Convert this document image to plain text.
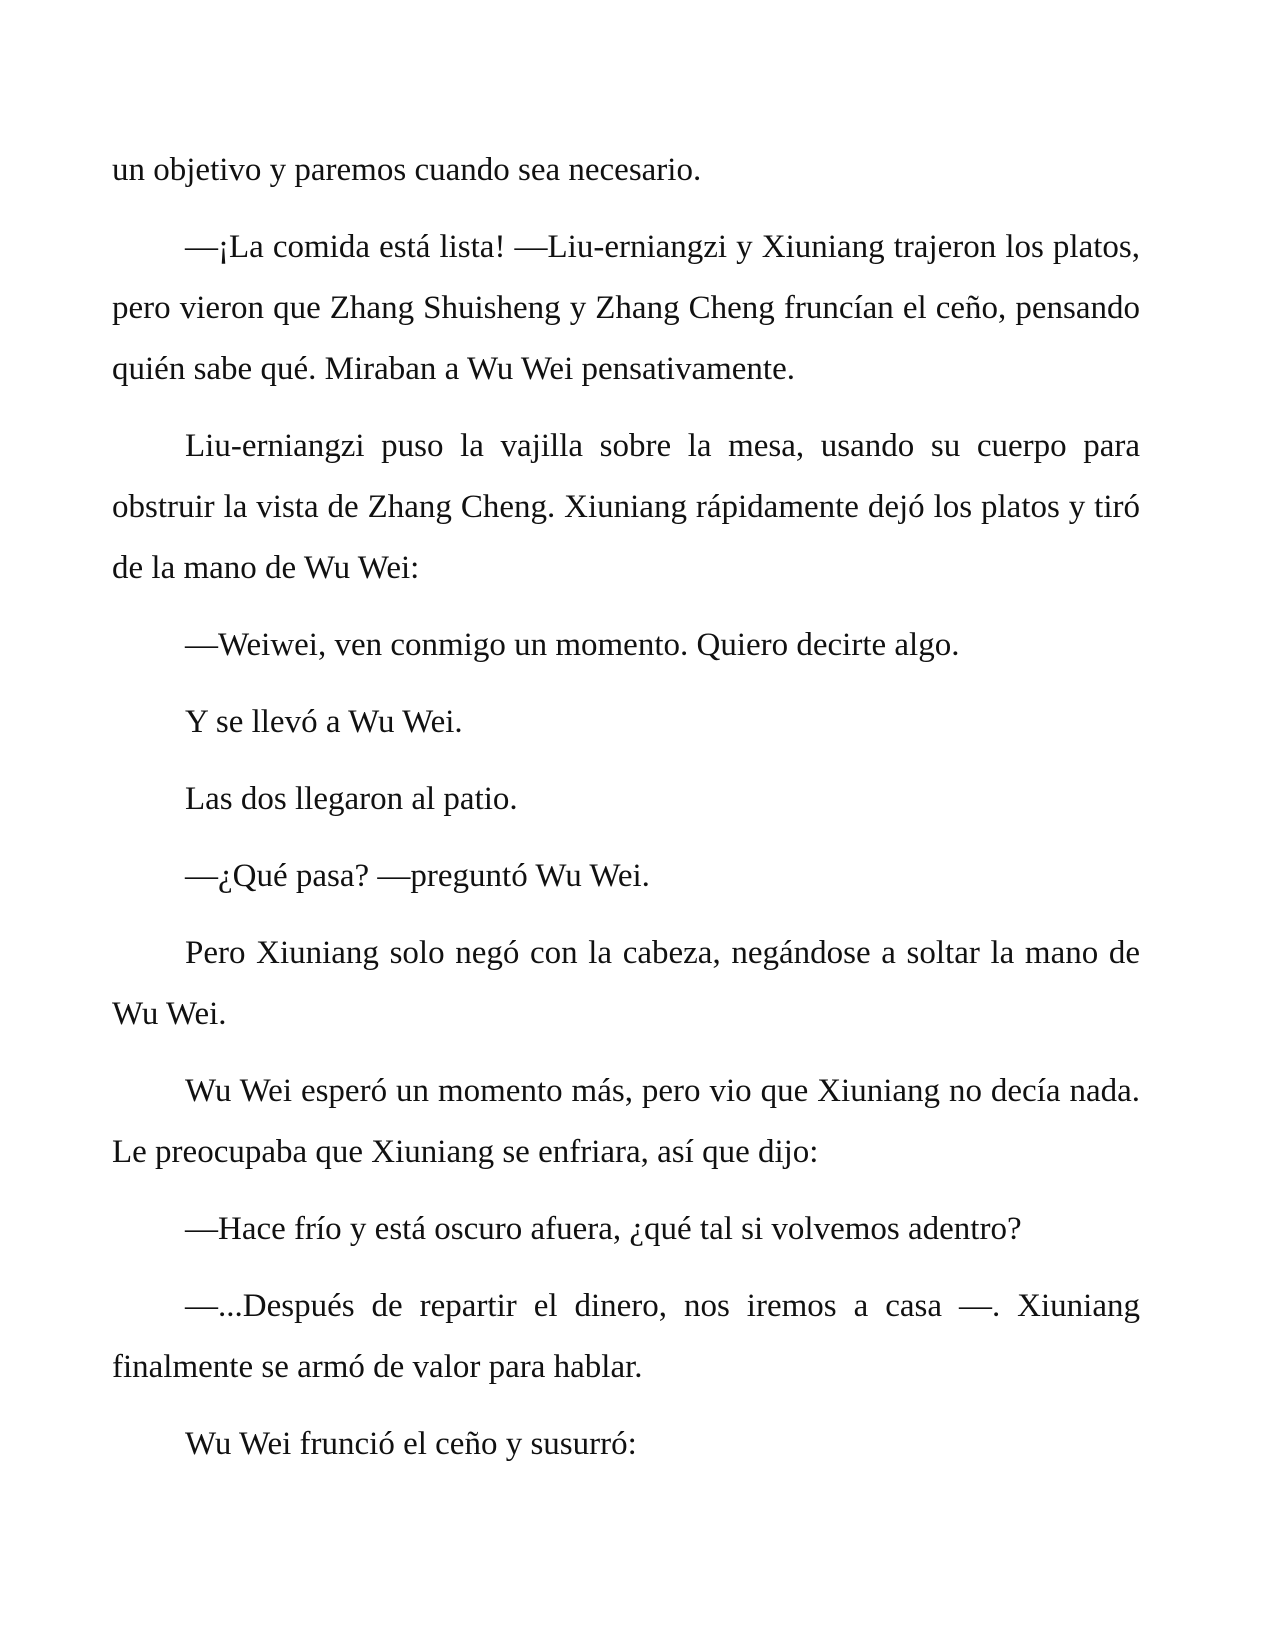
un objetivo y paremos cuando sea necesario.

—¡La comida está lista! —Liu-erniangzi y Xiuniang trajeron los platos, pero vieron que Zhang Shuisheng y Zhang Cheng fruncían el ceño, pensando quién sabe qué. Miraban a Wu Wei pensativamente.

Liu-erniangzi puso la vajilla sobre la mesa, usando su cuerpo para obstruir la vista de Zhang Cheng. Xiuniang rápidamente dejó los platos y tiró de la mano de Wu Wei:

—Weiwei, ven conmigo un momento. Quiero decirte algo.

Y se llevó a Wu Wei.

Las dos llegaron al patio.

—¿Qué pasa? —preguntó Wu Wei.

Pero Xiuniang solo negó con la cabeza, negándose a soltar la mano de Wu Wei.

Wu Wei esperó un momento más, pero vio que Xiuniang no decía nada. Le preocupaba que Xiuniang se enfriara, así que dijo:

—Hace frío y está oscuro afuera, ¿qué tal si volvemos adentro?

—...Después de repartir el dinero, nos iremos a casa —. Xiuniang finalmente se armó de valor para hablar.

Wu Wei frunció el ceño y susurró:
